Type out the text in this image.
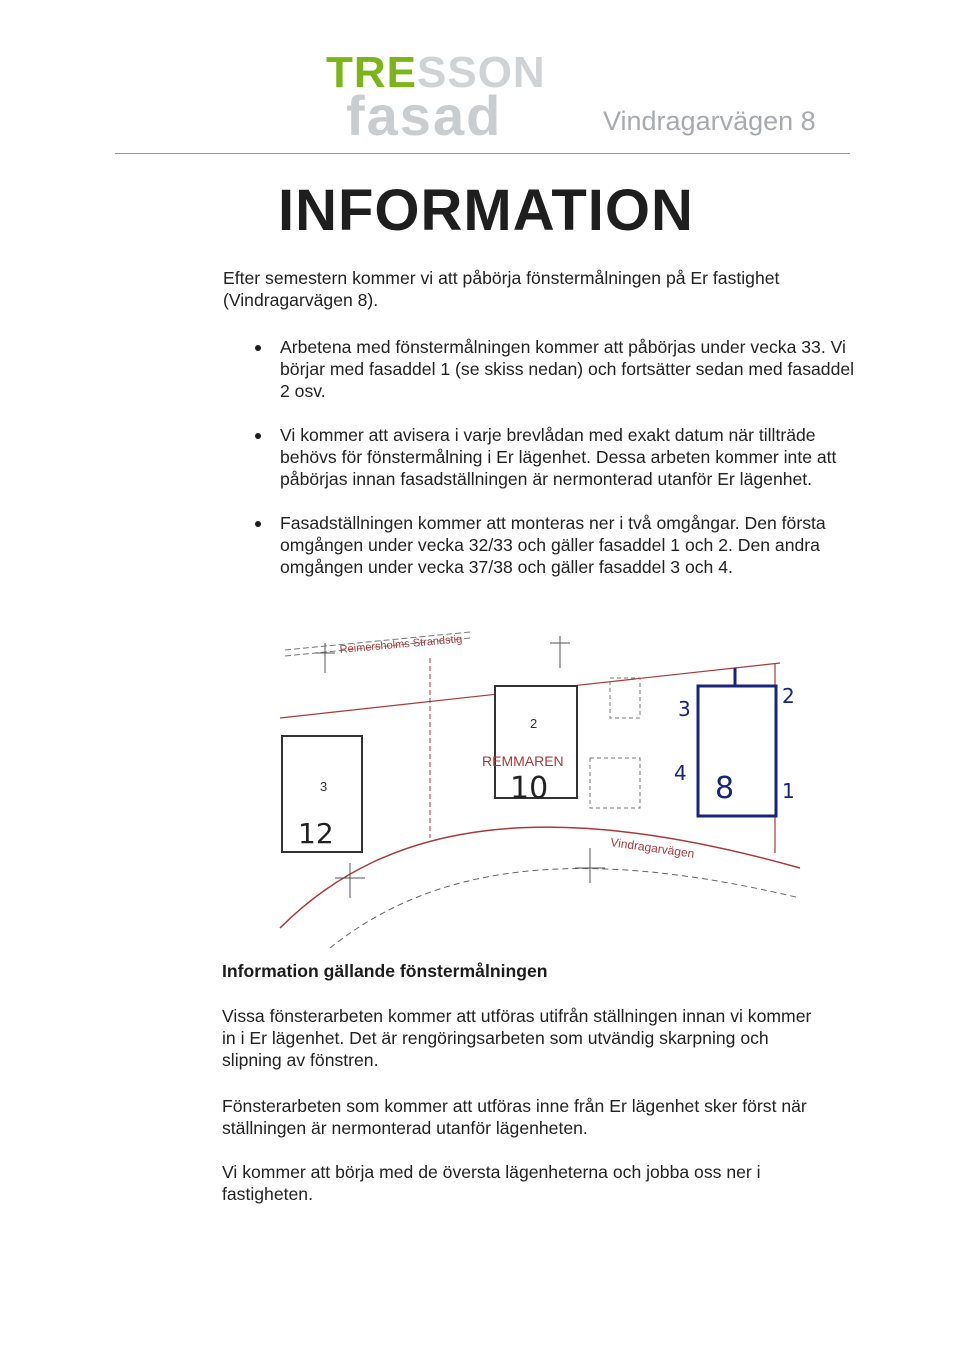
TRESSON
fasad	Vindragarvägen 8
INFORMATION
Efter semestern kommer vi att påbörja fönstermålningen på Er fastighet (Vindragarvägen 8).
Arbetena med fönstermålningen kommer att påbörjas under vecka 33. Vi börjar med fasaddel 1 (se skiss nedan) och fortsätter sedan med fasaddel 2 osv.
Vi kommer att avisera i varje brevlådan med exakt datum när tillträde behövs för fönstermålning i Er lägenhet. Dessa arbeten kommer inte att påbörjas innan fasadställningen är nermonterad utanför Er lägenhet.
Fasadställningen kommer att monteras ner i två omgångar. Den första omgången under vecka 32/33 och gäller fasaddel 1 och 2. Den andra omgången under vecka 37/38 och gäller fasaddel 3 och 4.
Reimersholms Strandstig
3
12
2
REMMAREN
10	8
2
3
4
1
Vindragarvägen
Information gällande fönstermålningen
Vissa fönsterarbeten kommer att utföras utifrån ställningen innan vi kommer in i Er lägenhet. Det är rengöringsarbeten som utvändig skarpning och slipning av fönstren.
Fönsterarbeten som kommer att utföras inne från Er lägenhet sker först när ställningen är nermonterad utanför lägenheten.
Vi kommer att börja med de översta lägenheterna och jobba oss ner i fastigheten.
